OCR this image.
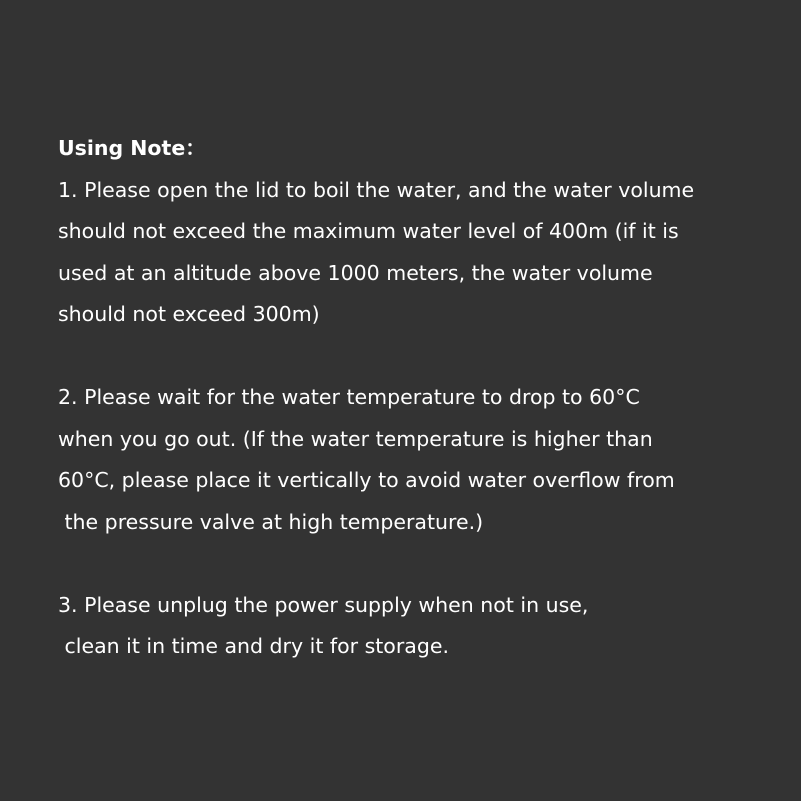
Using Note：
1. Please open the lid to boil the water, and the water volume
should not exceed the maximum water level of 400m (if it is
used at an altitude above 1000 meters, the water volume
should not exceed 300m)
2. Please wait for the water temperature to drop to 60°C
when you go out. (If the water temperature is higher than
60°C, please place it vertically to avoid water overflow from
the pressure valve at high temperature.)
3. Please unplug the power supply when not in use,
clean it in time and dry it for storage.
